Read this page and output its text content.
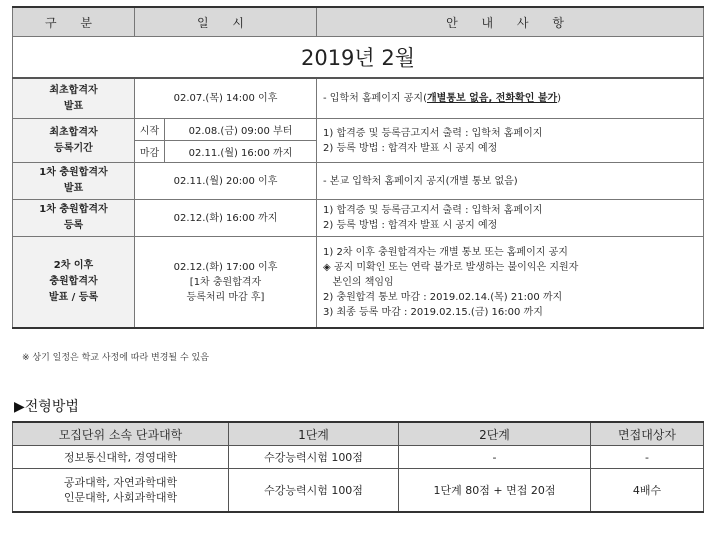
구 분	일 시		안 내 사 항
2019년 2월			

최초합격자
발표	02.07.(목) 14:00 이후		- 입학처 홈페이지 공지(개별통보 없음, 전화확인 불가)

최초합격자
등록기간	시작	02.08.(금) 09:00 부터	1) 합격증 및 등록금고지서 출력 : 입학처 홈페이지
2) 등록 방법 : 합격자 발표 시 공지 예정

	마감	02.11.(월) 16:00 까지	

1차 충원합격자
발표	02.11.(월) 20:00 이후		- 본교 입학처 홈페이지 공지(개별 통보 없음)

1차 충원합격자
등록	02.12.(화) 16:00 까지		1) 합격증 및 등록금고지서 출력 : 입학처 홈페이지
2) 등록 방법 : 합격자 발표 시 공지 예정

2차 이후
충원합격자
발표 / 등록	02.12.(화) 17:00 이후
[1차 충원합격자
등록처리 마감 후]		1) 2차 이후 충원합격자는 개별 통보 또는 홈페이지 공지
◈ 공지 미확인 또는 연락 불가로 발생하는 불이익은 지원자
본인의 책임임
2) 충원합격 통보 마감 : 2019.02.14.(목) 21:00 까지
3) 최종 등록 마감 : 2019.02.15.(금) 16:00 까지
※ 상기 일정은 학교 사정에 따라 변경될 수 있음
▶전형방법
모집단위 소속 단과대학	1단계	2단계	면접대상자
정보통신대학, 경영대학	수강능력시험 100점	-	-

공과대학, 자연과학대학
인문대학, 사회과학대학	수강능력시험 100점	1단계 80점 + 면접 20점	4배수
